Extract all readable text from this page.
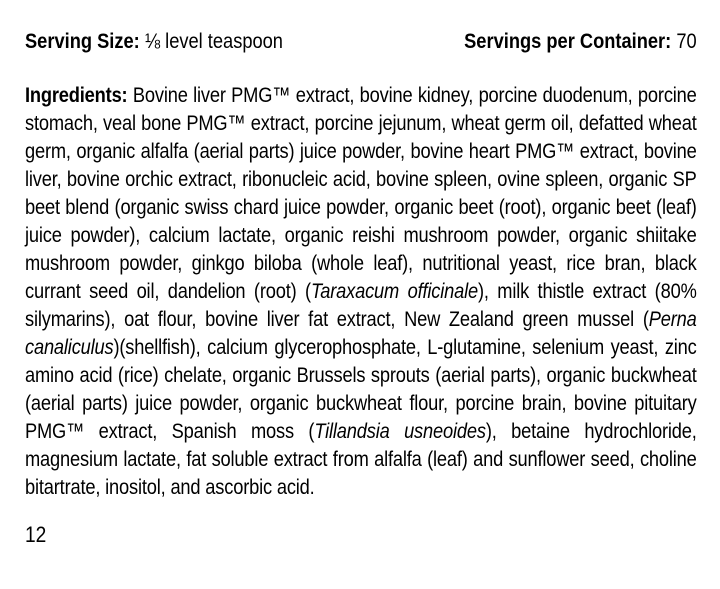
Serving Size: ⅛ level teaspoon	Servings per Container: 70

Ingredients: Bovine liver PMG™ extract, bovine kidney, porcine duodenum, porcine stomach, veal bone PMG™ extract, porcine jejunum, wheat germ oil, defatted wheat germ, organic alfalfa (aerial parts) juice powder, bovine heart PMG™ extract, bovine liver, bovine orchic extract, ribonucleic acid, bovine spleen, ovine spleen, organic SP beet blend (organic swiss chard juice powder, organic beet (root), organic beet (leaf) juice powder), calcium lactate, organic reishi mushroom powder, organic shiitake mushroom powder, ginkgo biloba (whole leaf), nutritional yeast, rice bran, black currant seed oil, dandelion (root) (Taraxacum officinale), milk thistle extract (80% silymarins), oat flour, bovine liver fat extract, New Zealand green mussel (Perna canaliculus)(shellfish), calcium glycerophosphate, L-glutamine, selenium yeast, zinc amino acid (rice) chelate, organic Brussels sprouts (aerial parts), organic buckwheat (aerial parts) juice powder, organic buckwheat flour, porcine brain, bovine pituitary PMG™ extract, Spanish moss (Tillandsia usneoides), betaine hydrochloride, magnesium lactate, fat soluble extract from alfalfa (leaf) and sunflower seed, choline bitartrate, inositol, and ascorbic acid.

12
